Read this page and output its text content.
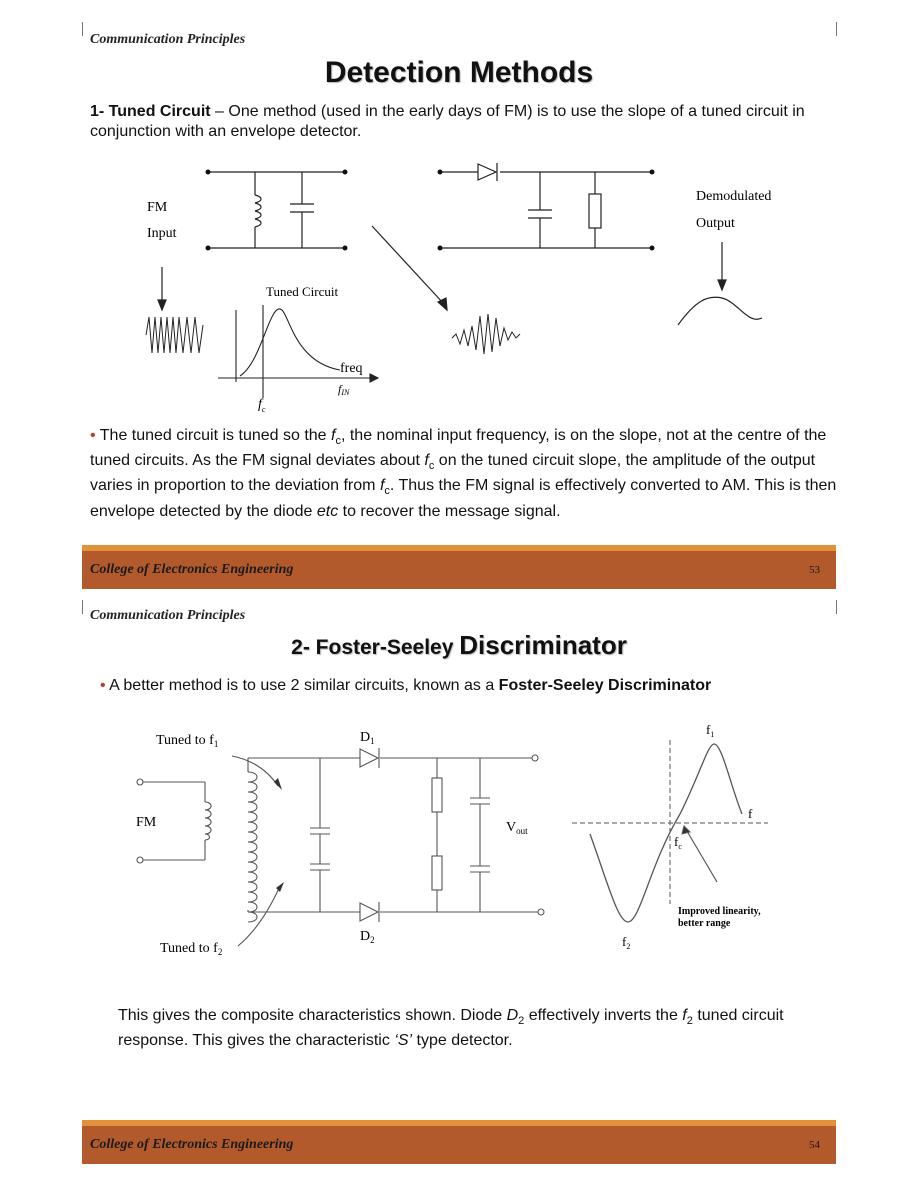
Communication Principles
Detection Methods
1- Tuned Circuit – One method (used in the early days of FM) is to use the slope of a tuned circuit in conjunction with an envelope detector.
FM
Input
Demodulated
Output
Tuned Circuit
freq
fIN
$f_c$
• The tuned circuit is tuned so the $f_c$, the nominal input frequency, is on the slope, not at the centre of the tuned circuits. As the FM signal deviates about $f_c$ on the tuned circuit slope, the amplitude of the output varies in proportion to the deviation from $f_c$. Thus the FM signal is effectively converted to AM. This is then envelope detected by the diode etc to recover the message signal.
College of Electronics Engineering	53
Communication Principles
2- Foster-Seeley Discriminator
• A better method is to use 2 similar circuits, known as a Foster-Seeley Discriminator
Tuned to $f_1$
Tuned to $f_2$
FM
$D_1$
$D_2$
$V_{out}$
$f_1$
$f_2$
f
$f_c$
Improved linearity,
better range
This gives the composite characteristics shown. Diode $D_2$ effectively inverts the $f_2$ tuned circuit response. This gives the characteristic ‘S’ type detector.
College of Electronics Engineering	54
